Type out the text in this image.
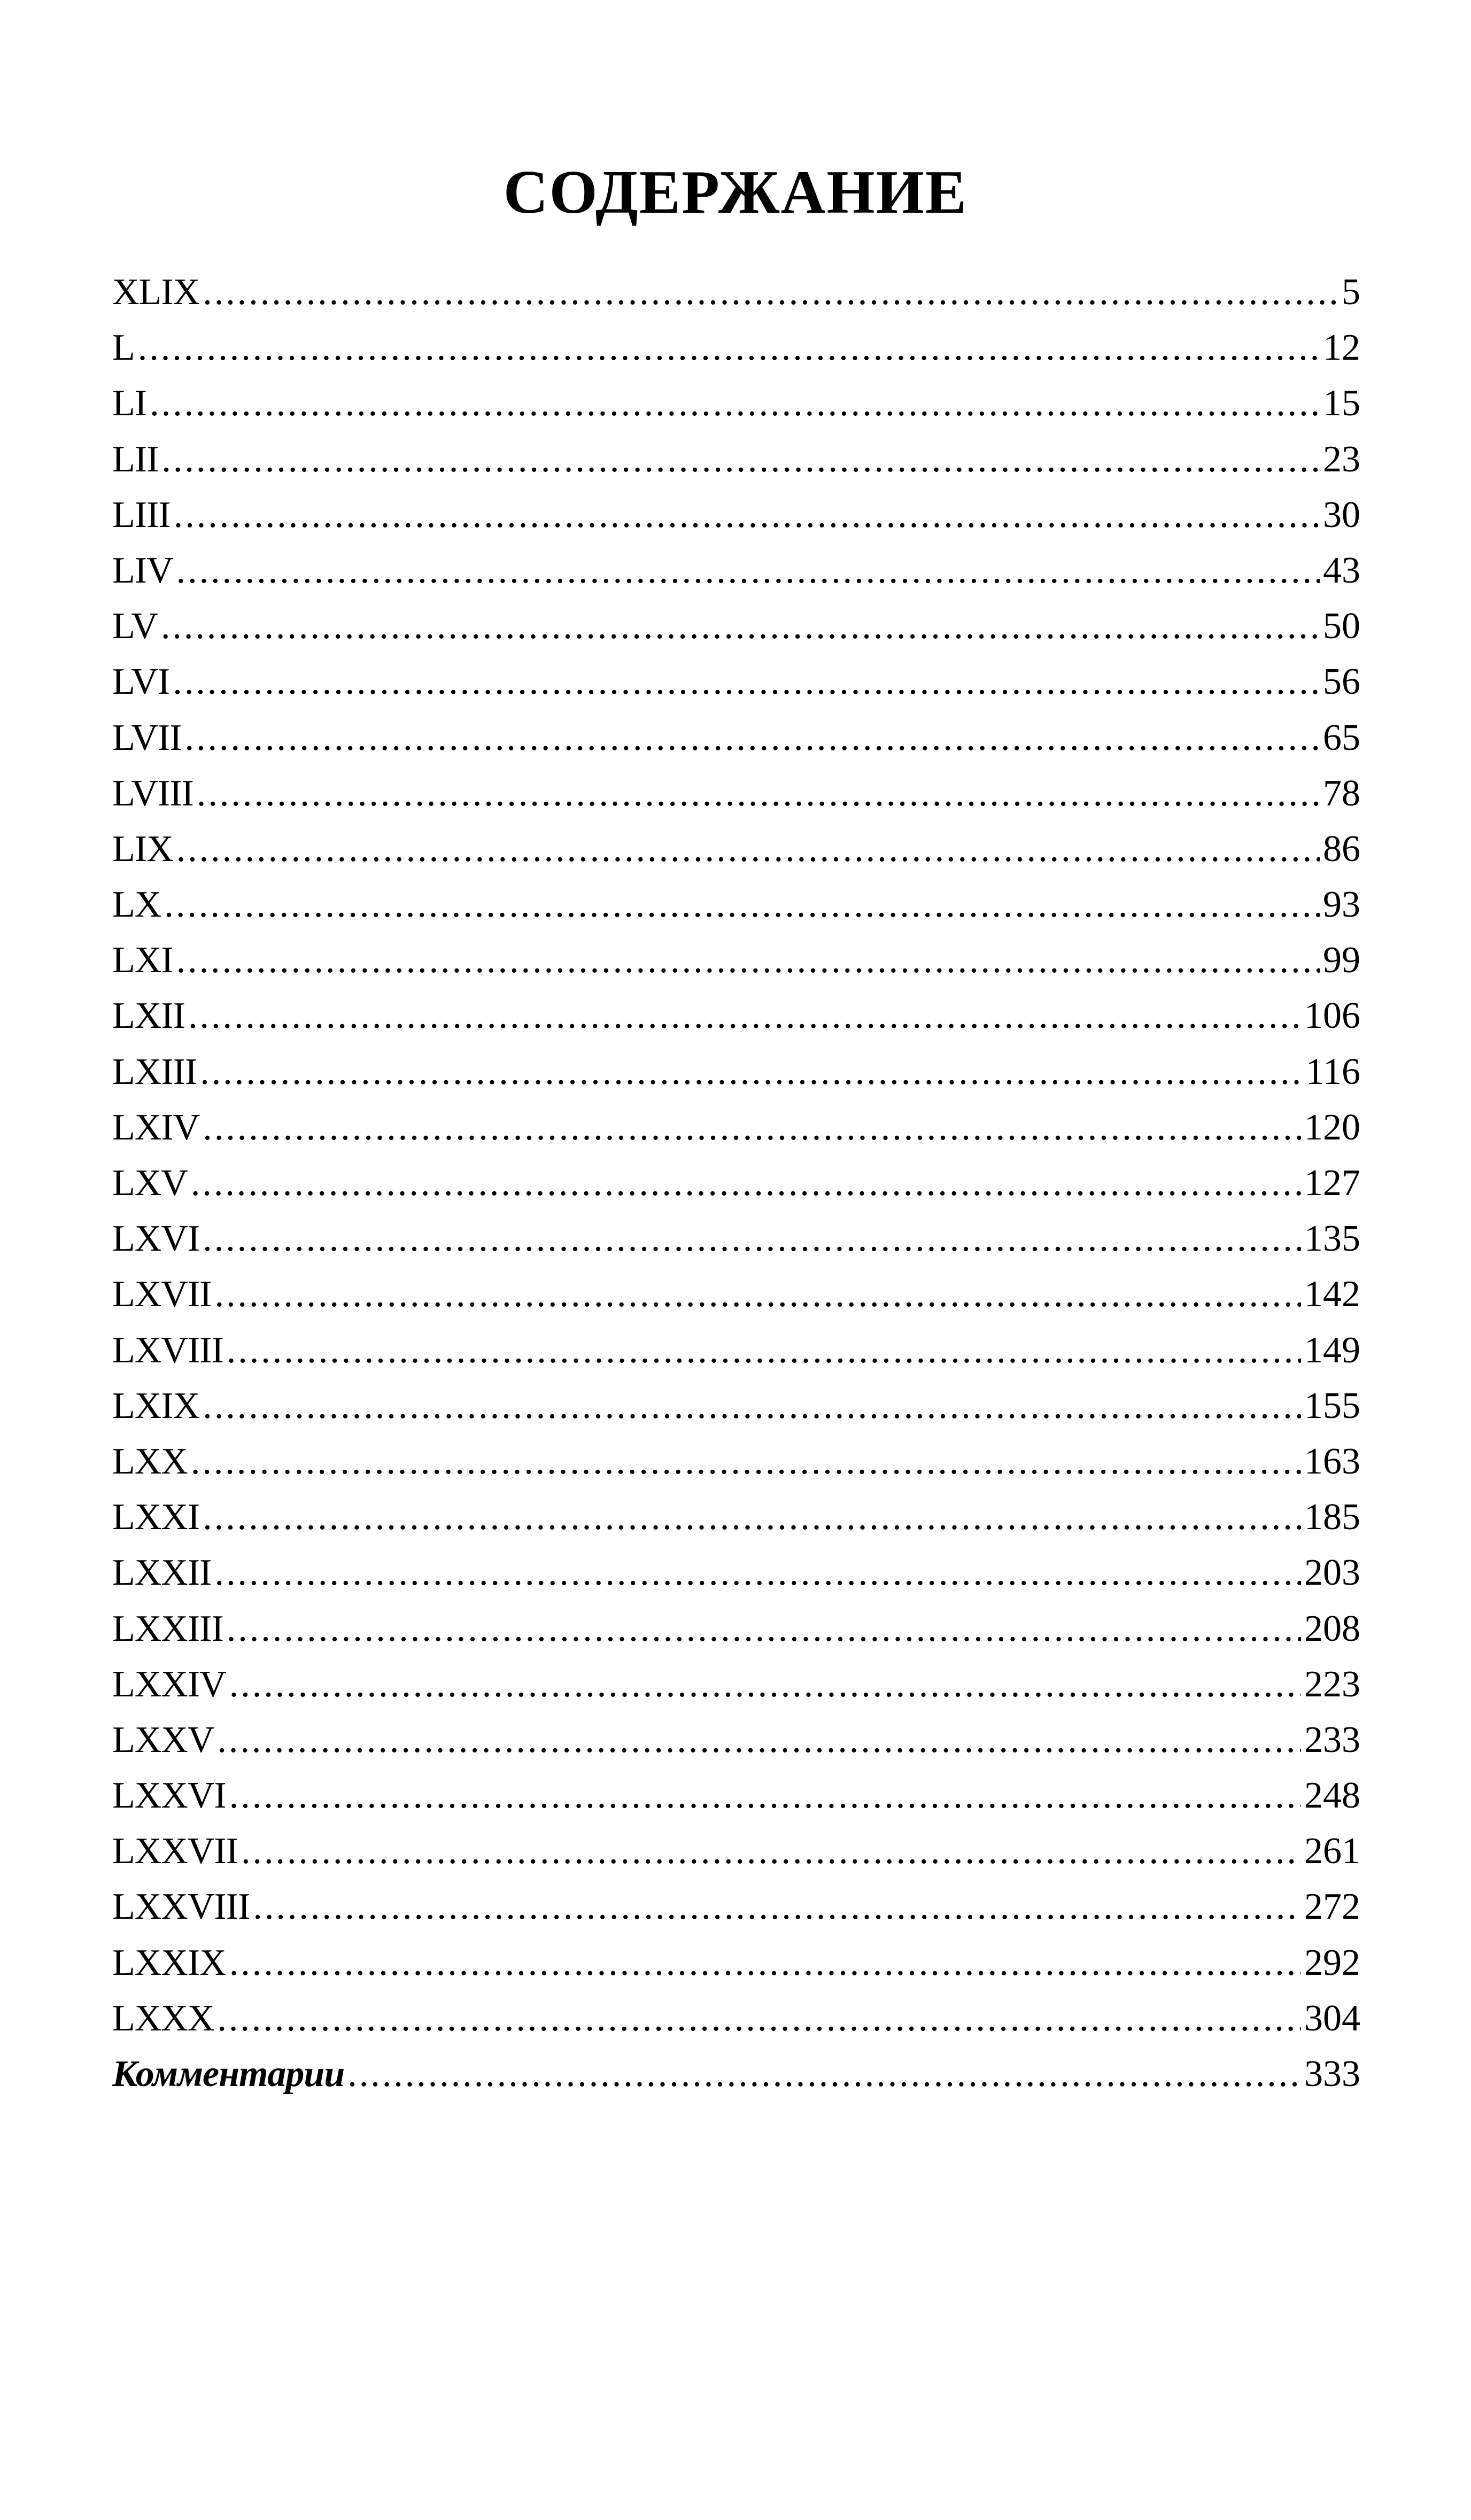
СОДЕРЖАНИЕ
XLIX .....	5
L .....	12
LI .....	15
LII .....	23
LIII .....	30
LIV .....	43
LV .....	50
LVI .....	56
LVII .....	65
LVIII .....	78
LIX .....	86
LX .....	93
LXI .....	99
LXII .....	106
LXIII .....	116
LXIV .....	120
LXV .....	127
LXVI .....	135
LXVII .....	142
LXVIII .....	149
LXIX .....	155
LXX .....	163
LXXI .....	185
LXXII .....	203
LXXIII .....	208
LXXIV .....	223
LXXV .....	233
LXXVI .....	248
LXXVII .....	261
LXXVIII .....	272
LXXIX .....	292
LXXX .....	304
Комментарии .....	333
